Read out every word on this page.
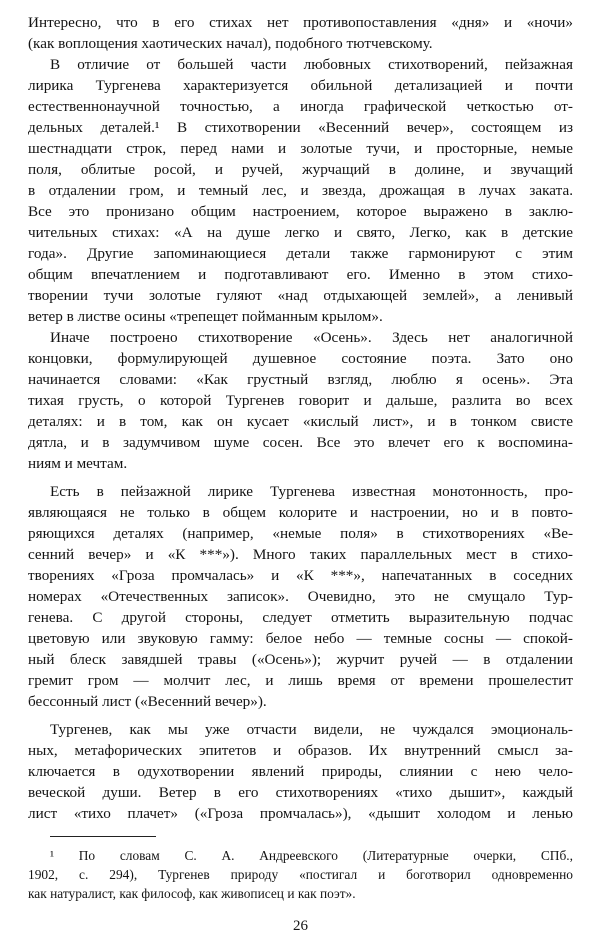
Интересно, что в его стихах нет противопоставления «дня» и «ночи»
(как воплощения хаотических начал), подобного тютчевскому.
В отличие от большей части любовных стихотворений, пейзажная
лирика Тургенева характеризуется обильной детализацией и почти
естественнонаучной точностью, а иногда графической четкостью от-
дельных деталей.¹ В стихотворении «Весенний вечер», состоящем из
шестнадцати строк, перед нами и золотые тучи, и просторные, немые
поля, облитые росой, и ручей, журчащий в долине, и звучащий
в отдалении гром, и темный лес, и звезда, дрожащая в лучах заката.
Все это пронизано общим настроением, которое выражено в заклю-
чительных стихах: «А на душе легко и свято, Легко, как в детские
года». Другие запоминающиеся детали также гармонируют с этим
общим впечатлением и подготавливают его. Именно в этом стихо-
творении тучи золотые гуляют «над отдыхающей землей», а ленивый
ветер в листве осины «трепещет пойманным крылом».
Иначе построено стихотворение «Осень». Здесь нет аналогичной
концовки, формулирующей душевное состояние поэта. Зато оно
начинается словами: «Как грустный взгляд, люблю я осень». Эта
тихая грусть, о которой Тургенев говорит и дальше, разлита во всех
деталях: и в том, как он кусает «кислый лист», и в тонком свисте
дятла, и в задумчивом шуме сосен. Все это влечет его к воспомина-
ниям и мечтам.
Есть в пейзажной лирике Тургенева известная монотонность, про-
являющаяся не только в общем колорите и настроении, но и в повто-
ряющихся деталях (например, «немые поля» в стихотворениях «Ве-
сенний вечер» и «К ***»). Много таких параллельных мест в стихо-
творениях «Гроза промчалась» и «К ***», напечатанных в соседних
номерах «Отечественных записок». Очевидно, это не смущало Тур-
генева. С другой стороны, следует отметить выразительную подчас
цветовую или звуковую гамму: белое небо — темные сосны — спокой-
ный блеск завядшей травы («Осень»); журчит ручей — в отдалении
гремит гром — молчит лес, и лишь время от времени прошелестит
бессонный лист («Весенний вечер»).
Тургенев, как мы уже отчасти видели, не чуждался эмоциональ-
ных, метафорических эпитетов и образов. Их внутренний смысл за-
ключается в одухотворении явлений природы, слиянии с нею чело-
веческой души. Ветер в его стихотворениях «тихо дышит», каждый
лист «тихо плачет» («Гроза промчалась»), «дышит холодом и ленью
¹ По словам С. А. Андреевского (Литературные очерки, СПб.,
1902, с. 294), Тургенев природу «постигал и боготворил одновременно
как натуралист, как философ, как живописец и как поэт».
26
